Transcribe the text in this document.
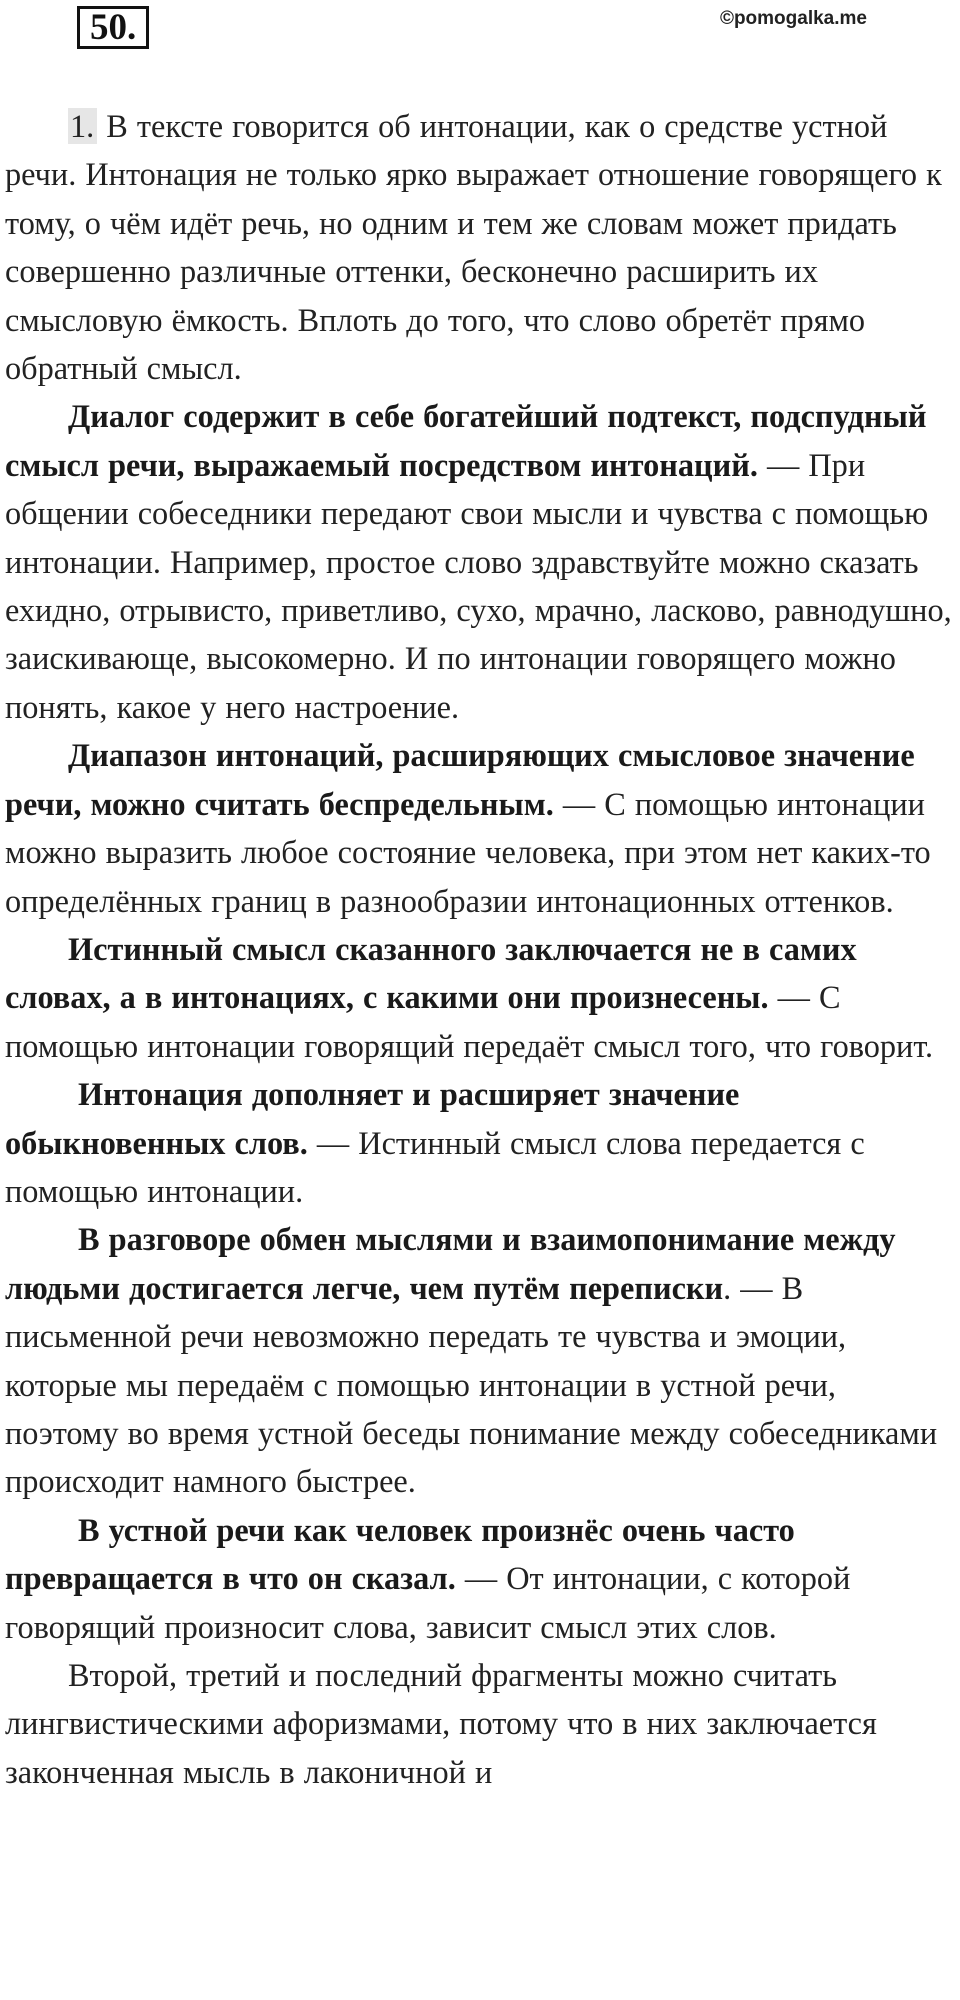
50.	©pomogalka.me

1. В тексте говорится об интонации, как о средстве устной речи. Интонация не только ярко выражает отношение говорящего к тому, о чём идёт речь, но одним и тем же словам может придать совершенно различные оттенки, бесконечно расширить их смысловую ёмкость. Вплоть до того, что слово обретёт прямо обратный смысл.

Диалог содержит в себе богатейший подтекст, подспудный смысл речи, выражаемый посредством интонаций. — При общении собеседники передают свои мысли и чувства с помощью интонации. Например, простое слово здравствуйте можно сказать ехидно, отрывисто, приветливо, сухо, мрачно, ласково, равнодушно, заискивающе, высокомерно. И по интонации говорящего можно понять, какое у него настроение.

Диапазон интонаций, расширяющих смысловое значение речи, можно считать беспредельным. — С помощью интонации можно выразить любое состояние человека, при этом нет каких-то определённых границ в разнообразии интонационных оттенков.

Истинный смысл сказанного заключается не в самих словах, а в интонациях, с какими они произнесены. — С помощью интонации говорящий передаёт смысл того, что говорит.

Интонация дополняет и расширяет значение обыкновенных слов. — Истинный смысл слова передается с помощью интонации.

В разговоре обмен мыслями и взаимопонимание между людьми достигается легче, чем путём переписки. — В письменной речи невозможно передать те чувства и эмоции, которые мы передаём с помощью интонации в устной речи, поэтому во время устной беседы понимание между собеседниками происходит намного быстрее.

В устной речи как человек произнёс очень часто превращается в что он сказал. — От интонации, с которой говорящий произносит слова, зависит смысл этих слов.

Второй, третий и последний фрагменты можно считать лингвистическими афоризмами, потому что в них заключается законченная мысль в лаконичной и
